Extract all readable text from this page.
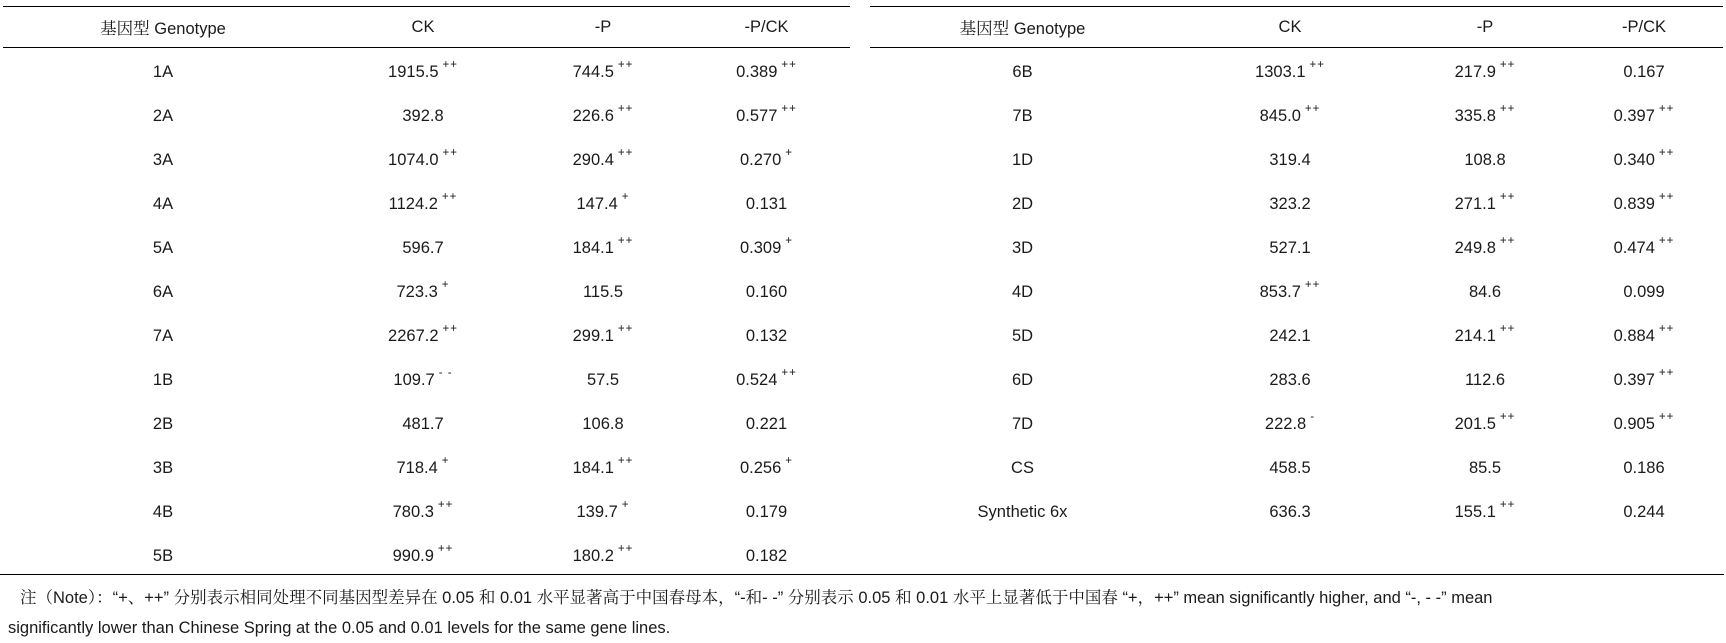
基因型 Genotype	CK	-P	-P/CK
1A	1915.5 ++	744.5 ++	0.389 ++
2A	392.8	226.6 ++	0.577 ++
3A	1074.0 ++	290.4 ++	0.270 +
4A	1124.2 ++	147.4 +	0.131
5A	596.7	184.1 ++	0.309 +
6A	723.3 +	115.5	0.160
7A	2267.2 ++	299.1 ++	0.132
1B	109.7 - -	57.5	0.524 ++
2B	481.7	106.8	0.221
3B	718.4 +	184.1 ++	0.256 +
4B	780.3 ++	139.7 +	0.179
5B	990.9 ++	180.2 ++	0.182
基因型 Genotype	CK	-P	-P/CK
6B	1303.1 ++	217.9 ++	0.167
7B	845.0 ++	335.8 ++	0.397 ++
1D	319.4	108.8	0.340 ++
2D	323.2	271.1 ++	0.839 ++
3D	527.1	249.8 ++	0.474 ++
4D	853.7 ++	84.6	0.099
5D	242.1	214.1 ++	0.884 ++
6D	283.6	112.6	0.397 ++
7D	222.8 -	201.5 ++	0.905 ++
CS	458.5	85.5	0.186
Synthetic 6x	636.3	155.1 ++	0.244
注（Note）：“+、++” 分别表示相同处理不同基因型差异在 0.05 和 0.01 水平显著高于中国春母本，“-和- -” 分别表示 0.05 和 0.01 水平上显著低于中国春 “+，++” mean significantly higher, and “-, - -” mean
significantly lower than Chinese Spring at the 0.05 and 0.01 levels for the same gene lines.
